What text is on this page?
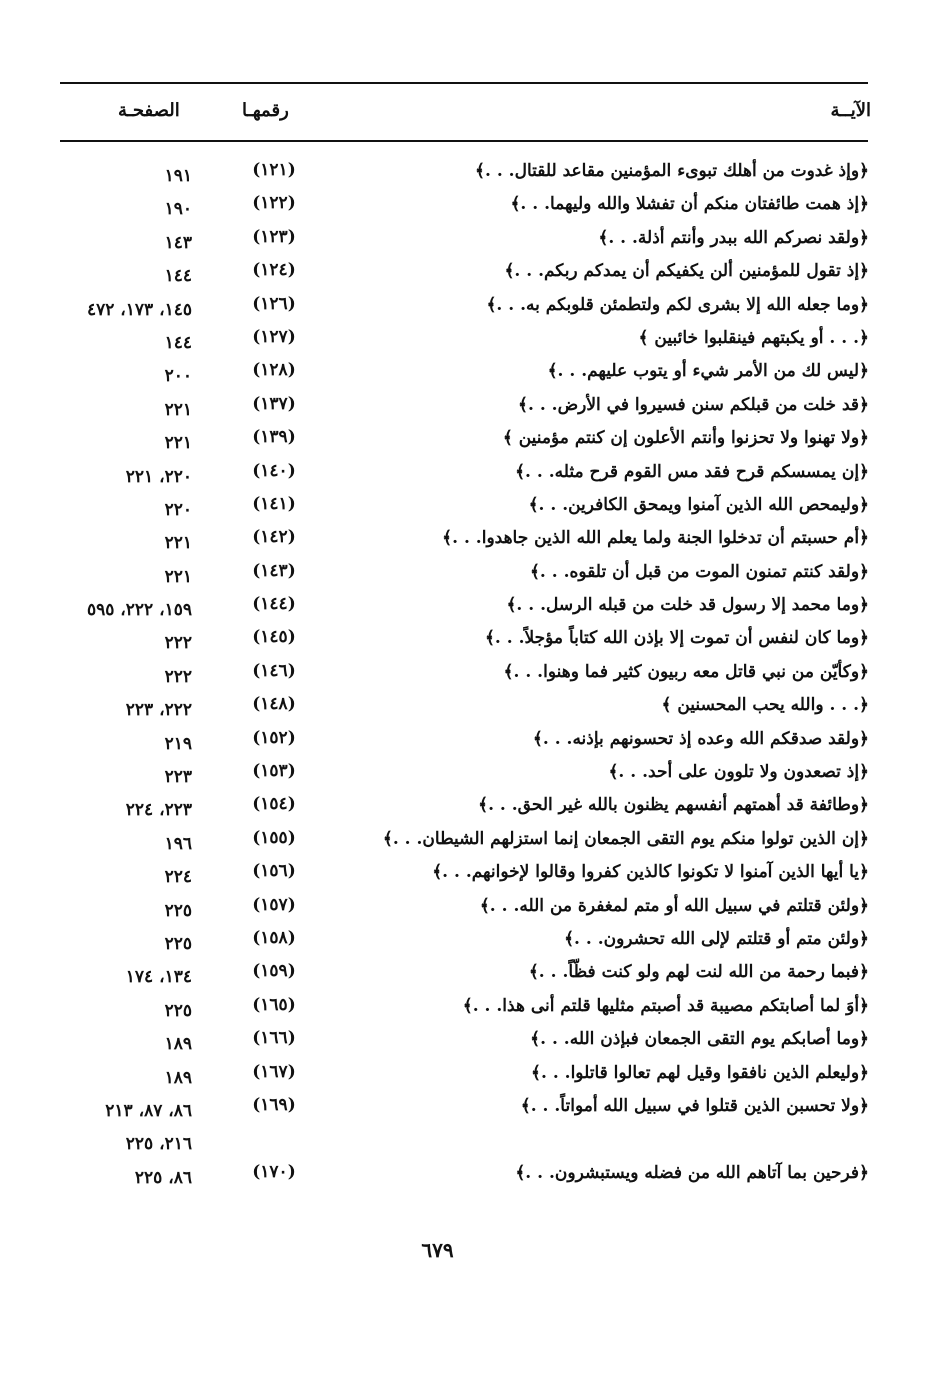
الآيــة
رقمهـا
الصفحـة
﴿وإذ غدوت من أهلك تبوىء المؤمنين مقاعد للقتال. . .﴾
(١٢١)
١٩١
﴿إذ همت طائفتان منكم أن تفشلا والله وليهما. . .﴾
(١٢٢)
١٩٠
﴿ولقد نصركم الله ببدر وأنتم أذلة. . .﴾
(١٢٣)
١٤٣
﴿إذ تقول للمؤمنين ألن يكفيكم أن يمدكم ربكم. . .﴾
(١٢٤)
١٤٤
﴿وما جعله الله إلا بشرى لكم ولتطمئن قلوبكم به. . .﴾
(١٢٦)
١٤٥، ١٧٣، ٤٧٢
﴿. . . أو يكبتهم فينقلبوا خائبين ﴾
(١٢٧)
١٤٤
﴿ليس لك من الأمر شيء أو يتوب عليهم. . .﴾
(١٢٨)
٢٠٠
﴿قد خلت من قبلكم سنن فسيروا في الأرض. . .﴾
(١٣٧)
٢٢١
﴿ولا تهنوا ولا تحزنوا وأنتم الأعلون إن كنتم مؤمنين ﴾
(١٣٩)
٢٢١
﴿إن يمسسكم قرح فقد مس القوم قرح مثله. . .﴾
(١٤٠)
٢٢٠، ٢٢١
﴿وليمحص الله الذين آمنوا ويمحق الكافرين. . .﴾
(١٤١)
٢٢٠
﴿أم حسبتم أن تدخلوا الجنة ولما يعلم الله الذين جاهدوا. . .﴾
(١٤٢)
٢٢١
﴿ولقد كنتم تمنون الموت من قبل أن تلقوه. . .﴾
(١٤٣)
٢٢١
﴿وما محمد إلا رسول قد خلت من قبله الرسل. . .﴾
(١٤٤)
١٥٩، ٢٢٢، ٥٩٥
﴿وما كان لنفس أن تموت إلا بإذن الله كتاباً مؤجلاً. . .﴾
(١٤٥)
٢٢٢
﴿وكأيّن من نبي قاتل معه ربيون كثير فما وهنوا. . .﴾
(١٤٦)
٢٢٢
﴿. . . والله يحب المحسنين ﴾
(١٤٨)
٢٢٢، ٢٢٣
﴿ولقد صدقكم الله وعده إذ تحسونهم بإذنه. . .﴾
(١٥٢)
٢١٩
﴿إذ تصعدون ولا تلوون على أحد. . .﴾
(١٥٣)
٢٢٣
﴿وطائفة قد أهمتهم أنفسهم يظنون بالله غير الحق. . .﴾
(١٥٤)
٢٢٣، ٢٢٤
﴿إن الذين تولوا منكم يوم التقى الجمعان إنما استزلهم الشيطان. . .﴾
(١٥٥)
١٩٦
﴿يا أيها الذين آمنوا لا تكونوا كالذين كفروا وقالوا لإخوانهم. . .﴾
(١٥٦)
٢٢٤
﴿ولئن قتلتم في سبيل الله أو متم لمغفرة من الله. . .﴾
(١٥٧)
٢٢٥
﴿ولئن متم أو قتلتم لإلى الله تحشرون. . .﴾
(١٥٨)
٢٢٥
﴿فبما رحمة من الله لنت لهم ولو كنت فظّاً. . .﴾
(١٥٩)
١٣٤، ١٧٤
﴿أوَ لما أصابتكم مصيبة قد أصبتم مثليها قلتم أنى هذا. . .﴾
(١٦٥)
٢٢٥
﴿وما أصابكم يوم التقى الجمعان فبإذن الله. . .﴾
(١٦٦)
١٨٩
﴿وليعلم الذين نافقوا وقيل لهم تعالوا قاتلوا. . .﴾
(١٦٧)
١٨٩
﴿ولا تحسبن الذين قتلوا في سبيل الله أمواتاً. . .﴾
(١٦٩)
٨٦، ٨٧، ٢١٣
٢١٦، ٢٢٥
﴿فرحين بما آتاهم الله من فضله ويستبشرون. . .﴾
(١٧٠)
٨٦، ٢٢٥
٦٧٩
